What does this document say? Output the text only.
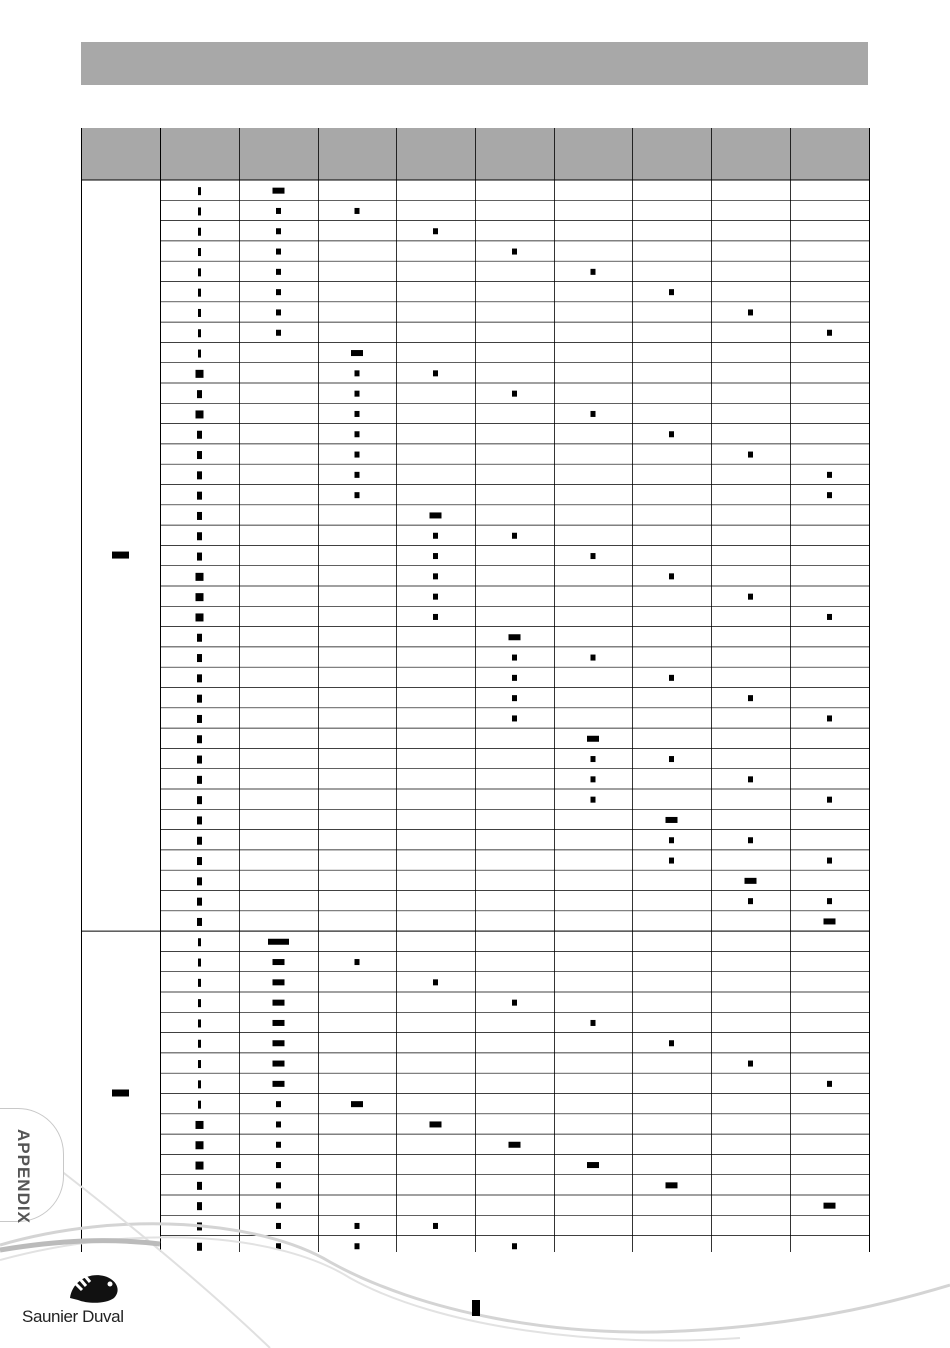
APPENDIX
Saunier Duval
